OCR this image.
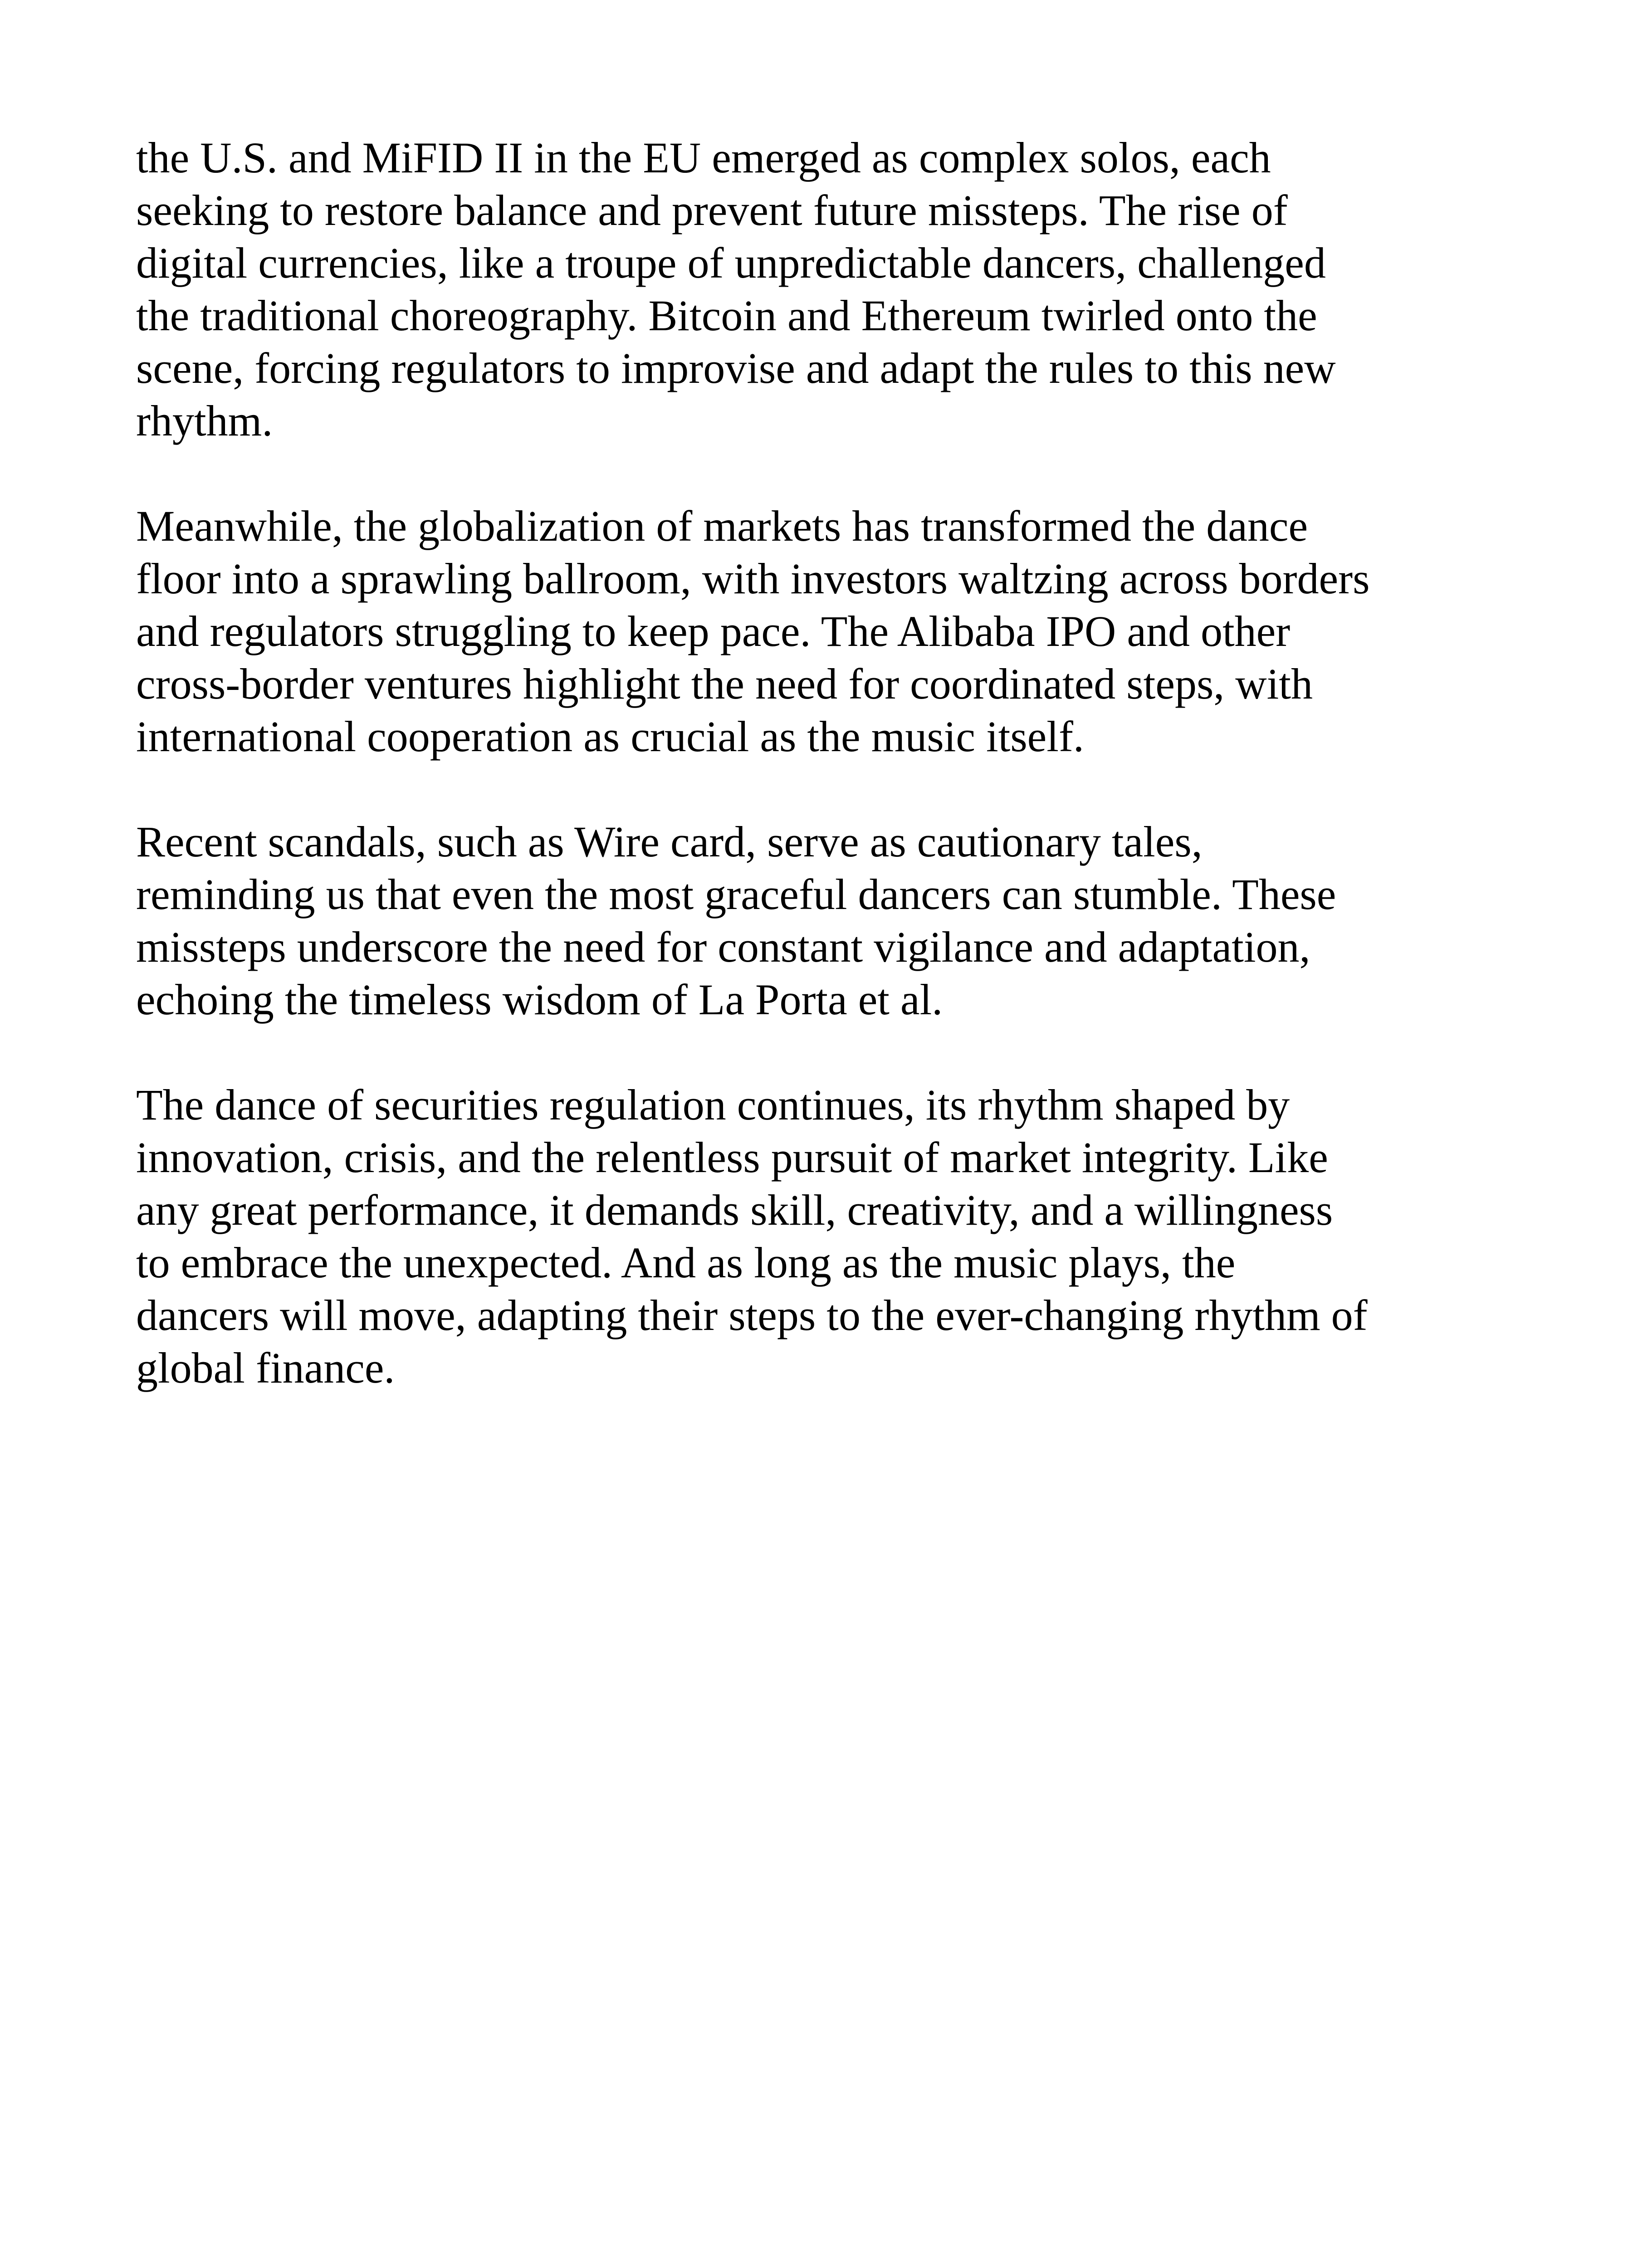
the U.S. and MiFID II in the EU emerged as complex solos, each
seeking to restore balance and prevent future missteps. The rise of
digital currencies, like a troupe of unpredictable dancers, challenged
the traditional choreography. Bitcoin and Ethereum twirled onto the
scene, forcing regulators to improvise and adapt the rules to this new
rhythm.

Meanwhile, the globalization of markets has transformed the dance
floor into a sprawling ballroom, with investors waltzing across borders
and regulators struggling to keep pace. The Alibaba IPO and other
cross-border ventures highlight the need for coordinated steps, with
international cooperation as crucial as the music itself.

Recent scandals, such as Wire card, serve as cautionary tales,
reminding us that even the most graceful dancers can stumble. These
missteps underscore the need for constant vigilance and adaptation,
echoing the timeless wisdom of La Porta et al.

The dance of securities regulation continues, its rhythm shaped by
innovation, crisis, and the relentless pursuit of market integrity. Like
any great performance, it demands skill, creativity, and a willingness
to embrace the unexpected. And as long as the music plays, the
dancers will move, adapting their steps to the ever-changing rhythm of
global finance.
